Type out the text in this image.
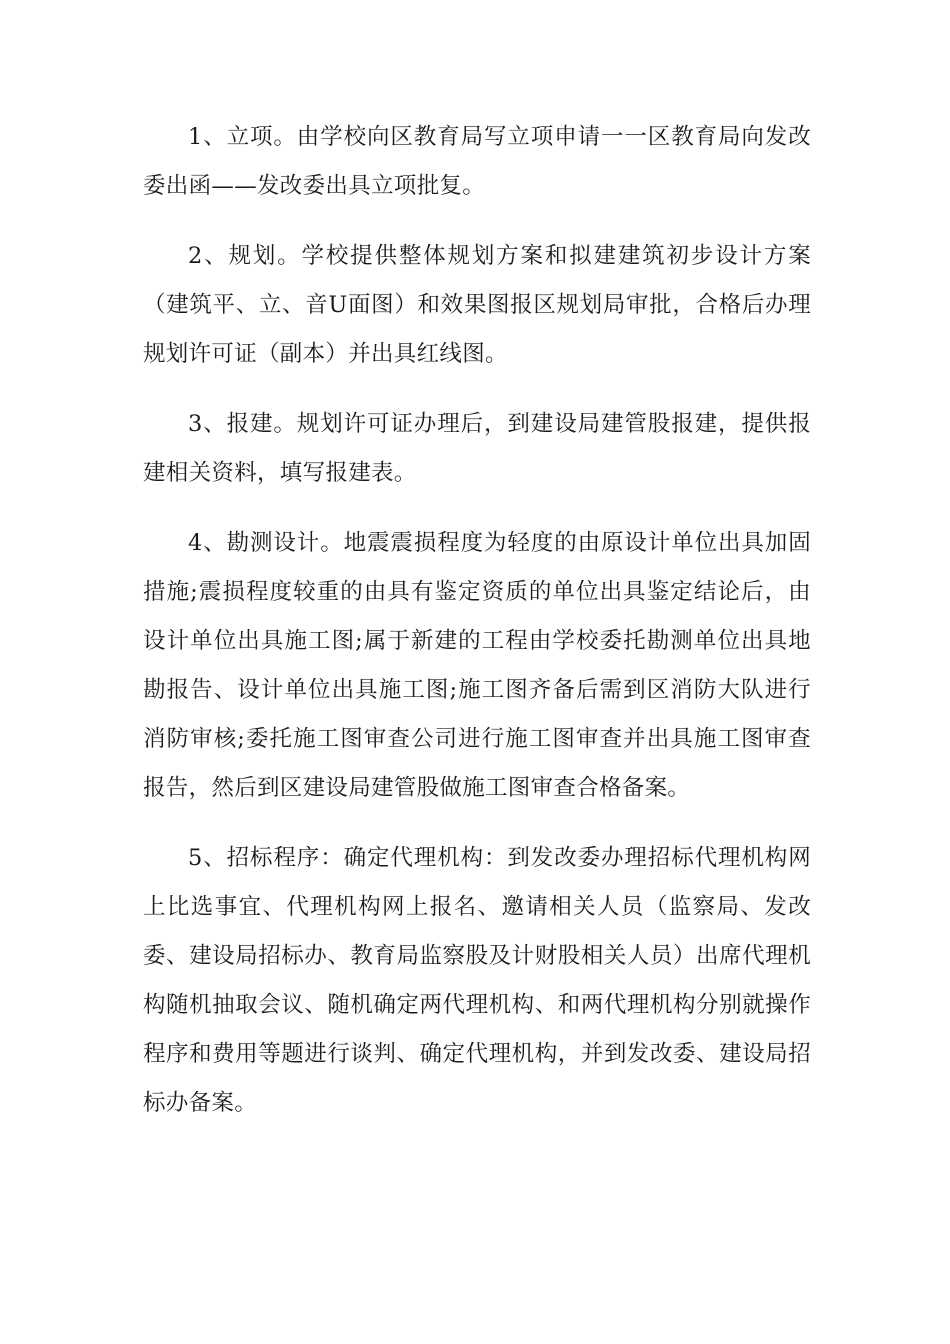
1、立项。由学校向区教育局写立项申请一一区教育局向发改委出函——发改委出具立项批复。

2、规划。学校提供整体规划方案和拟建建筑初步设计方案（建筑平、立、音U面图）和效果图报区规划局审批，合格后办理规划许可证（副本）并出具红线图。

3、报建。规划许可证办理后，到建设局建管股报建，提供报建相关资料，填写报建表。

4、勘测设计。地震震损程度为轻度的由原设计单位出具加固措施;震损程度较重的由具有鉴定资质的单位出具鉴定结论后，由设计单位出具施工图;属于新建的工程由学校委托勘测单位出具地勘报告、设计单位出具施工图;施工图齐备后需到区消防大队进行消防审核;委托施工图审查公司进行施工图审查并出具施工图审查报告，然后到区建设局建管股做施工图审查合格备案。

5、招标程序：确定代理机构：到发改委办理招标代理机构网上比选事宜、代理机构网上报名、邀请相关人员（监察局、发改委、建设局招标办、教育局监察股及计财股相关人员）出席代理机构随机抽取会议、随机确定两代理机构、和两代理机构分别就操作程序和费用等题进行谈判、确定代理机构，并到发改委、建设局招标办备案。
